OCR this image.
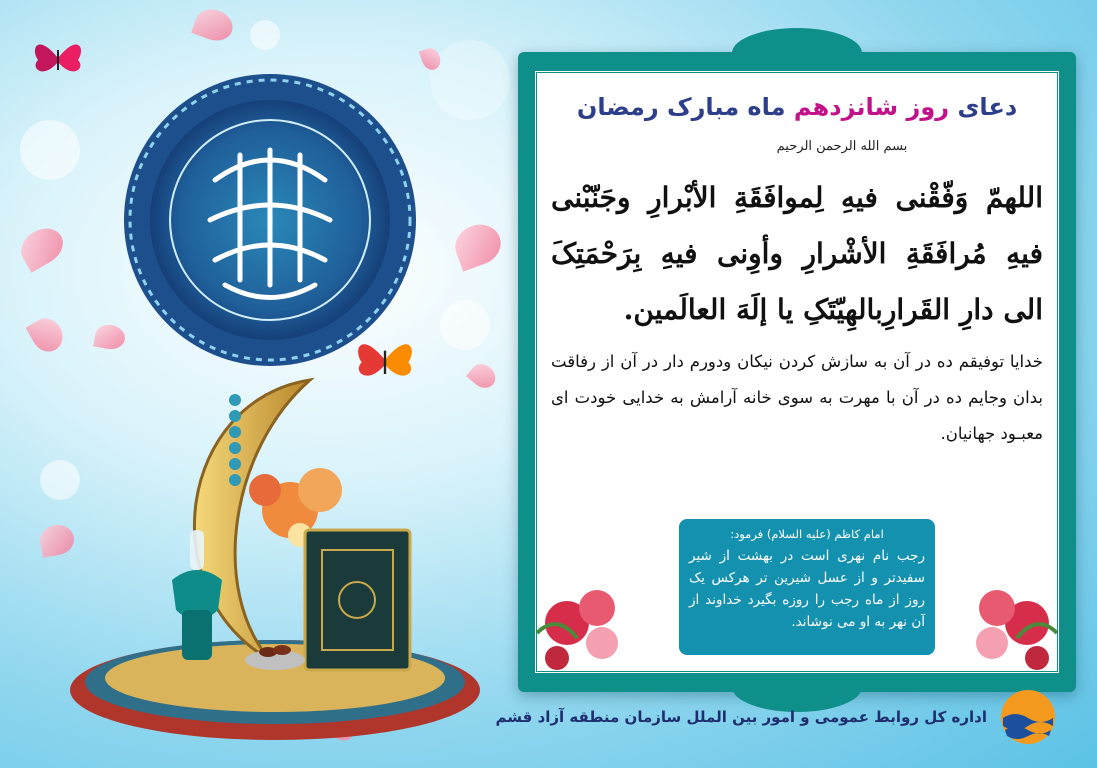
دعای روز شانزدهم ماه مبارک رمضان

بسم الله الرحمن الرحیم

اللهمّ وَفّقْنی فیهِ لِموافَقَةِ الأبْرارِ وجَنّبْنی فیهِ مُرافَقَةِ الأشْرارِ وأوِنی فیهِ بِرَحْمَتِکَ الی دارِ القَرارِبالهِیّتَکِ یا إلَهَ العالَمین.

خدایا توفیقم ده در آن به سازش کردن نیکان ودورم دار در آن از رفاقت بدان وجایم ده در آن با مهرت به سوی خانه آرامش به خدایی خودت ای معبـود جهانیان.

امام کاظم (علیه السلام) فرمود:

رجب نام نهری است در بهشت از شیر سفیدتر و از عسل شیرین تر هرکس یک روز از ماه رجب را روزه بگیرد خداوند از آن نهر به او می نوشاند.

اداره کل روابط عمومی و امور بین الملل سازمان منطقه آزاد قشم
